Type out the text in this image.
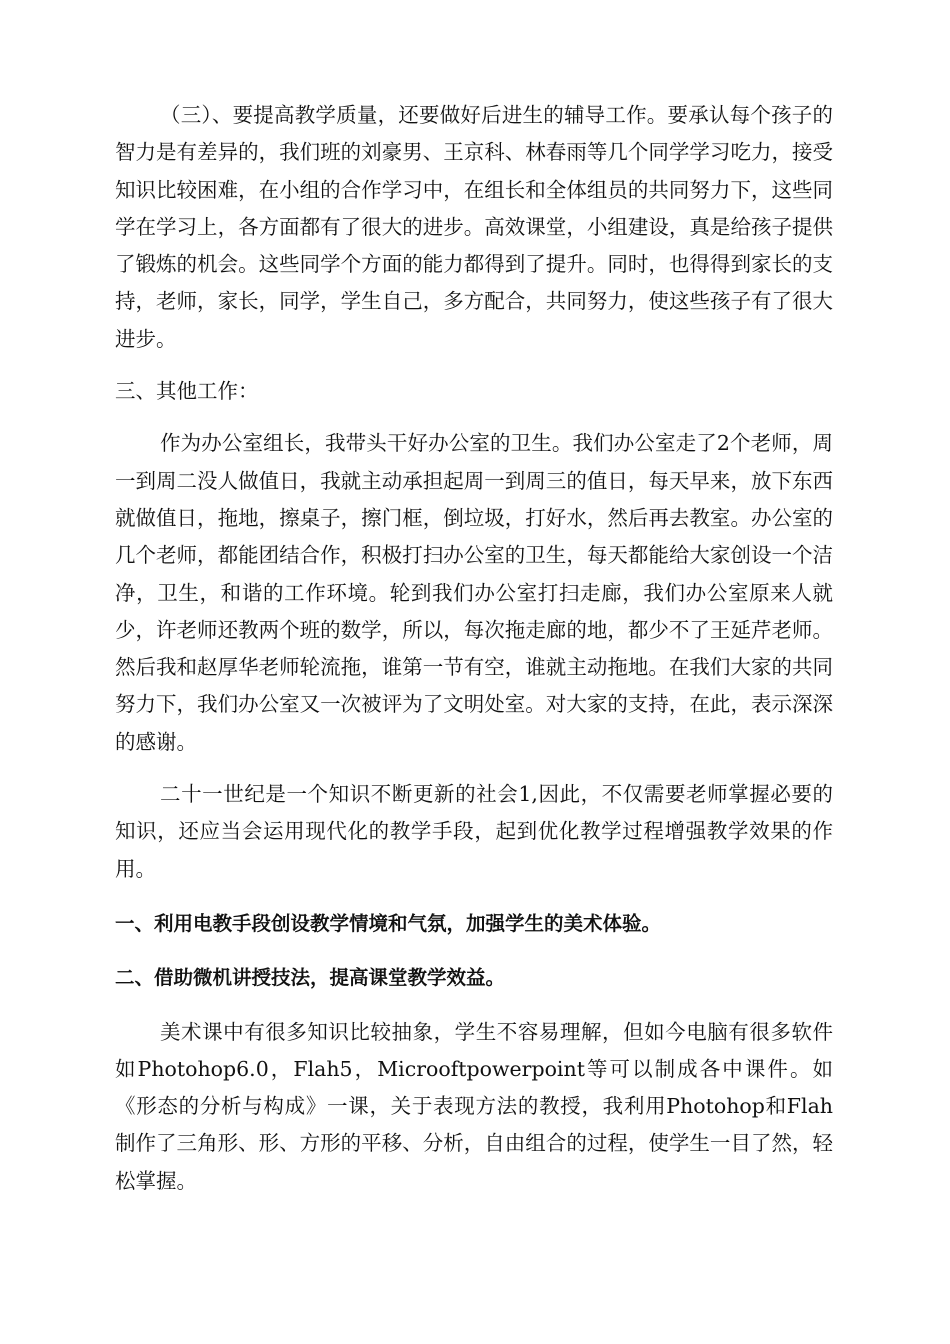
（三）、要提高教学质量，还要做好后进生的辅导工作。要承认每个孩子的智力是有差异的，我们班的刘豪男、王京科、林春雨等几个同学学习吃力，接受知识比较困难，在小组的合作学习中，在组长和全体组员的共同努力下，这些同学在学习上，各方面都有了很大的进步。高效课堂，小组建设，真是给孩子提供了锻炼的机会。这些同学个方面的能力都得到了提升。同时，也得得到家长的支持，老师，家长，同学，学生自己，多方配合，共同努力，使这些孩子有了很大进步。

三、其他工作：

作为办公室组长，我带头干好办公室的卫生。我们办公室走了2个老师，周一到周二没人做值日，我就主动承担起周一到周三的值日，每天早来，放下东西就做值日，拖地，擦桌子，擦门框，倒垃圾，打好水，然后再去教室。办公室的几个老师，都能团结合作，积极打扫办公室的卫生，每天都能给大家创设一个洁净，卫生，和谐的工作环境。轮到我们办公室打扫走廊，我们办公室原来人就少，许老师还教两个班的数学，所以，每次拖走廊的地，都少不了王延芹老师。然后我和赵厚华老师轮流拖，谁第一节有空，谁就主动拖地。在我们大家的共同努力下，我们办公室又一次被评为了文明处室。对大家的支持，在此，表示深深的感谢。

二十一世纪是一个知识不断更新的社会1,因此，不仅需要老师掌握必要的知识，还应当会运用现代化的教学手段，起到优化教学过程增强教学效果的作用。

一、利用电教手段创设教学情境和气氛，加强学生的美术体验。

二、借助微机讲授技法，提高课堂教学效益。

美术课中有很多知识比较抽象，学生不容易理解，但如今电脑有很多软件如Photohop6.0，Flah5，Microoftpowerpoint等可以制成各中课件。如《形态的分析与构成》一课，关于表现方法的教授，我利用Photohop和Flah制作了三角形、形、方形的平移、分析，自由组合的过程，使学生一目了然，轻松掌握。
